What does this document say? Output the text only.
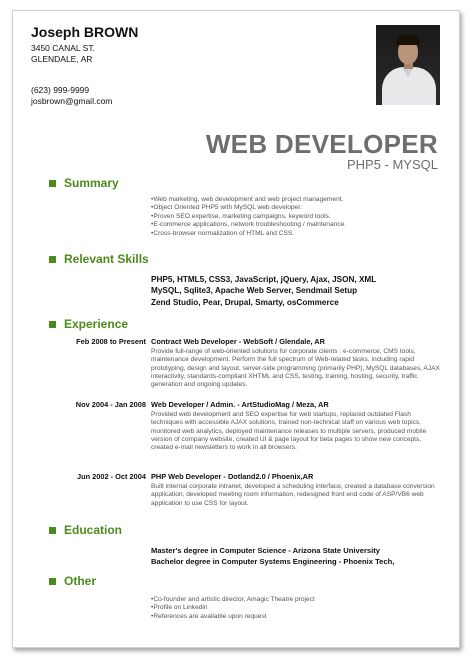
Joseph BROWN
3450 CANAL ST.
GLENDALE, AR
(623) 999-9999
josbrown@gmail.com
WEB DEVELOPER
PHP5 - MYSQL
Summary
• Web marketing, web development and web project management.
• Object Oriented PHP5 with MySQL web developer.
• Proven SEO expertise, marketing campaigns, keyword tools.
• E-commerce applications, network troubleshooting / maintenance.
• Cross-browser normalization of HTML and CSS.
Relevant Skills
PHP5, HTML5, CSS3, JavaScript, jQuery, Ajax, JSON, XML
MySQL, Sqlite3, Apache Web Server, Sendmail Setup
Zend Studio, Pear, Drupal, Smarty, osCommerce
Experience
Feb 2008 to Present Contract Web Developer - WebSoft / Glendale, AR
Provide full-range of web-oriented solutions for corporate clients : e-commerce, CMS tools, maintenance development. Perform the full spectrum of Web-related tasks, including rapid prototyping, design and layout, server-side programming (primarily PHP), MySQL databases, AJAX interactivity, standards-compliant XHTML and CSS, testing, training, hosting, security, traffic generation and ongoing updates.
Nov 2004 - Jan 2008 Web Developer / Admin. - ArtStudioMag / Meza, AR
Provided web development and SEO expertise for web startups, replaced outdated Flash techniques with accessible AJAX solutions, trained non-technical staff on various web topics, monitored web analytics, deployed maintenance releases to multiple servers, produced mobile version of company website, created UI & page layout for beta pages to show new concepts, created e-mail newsletters to work in all browsers.
Jun 2002 - Oct 2004 PHP Web Developer - Dotland2.0 / Phoenix,AR
Built internal corporate intranet, developed a scheduling interface, created a database conversion application, developed meeting room information, redesigned front end code of ASP/VB6 web application to use CSS for layout.
Education
Master's degree in Computer Science - Arizona State University
Bachelor degree in Computer Systems Engineering - Phoenix Tech,
Other
• Co-founder and artistic director, Amagic Theatre project
• Profile on Linkedin
• References are available upon request
